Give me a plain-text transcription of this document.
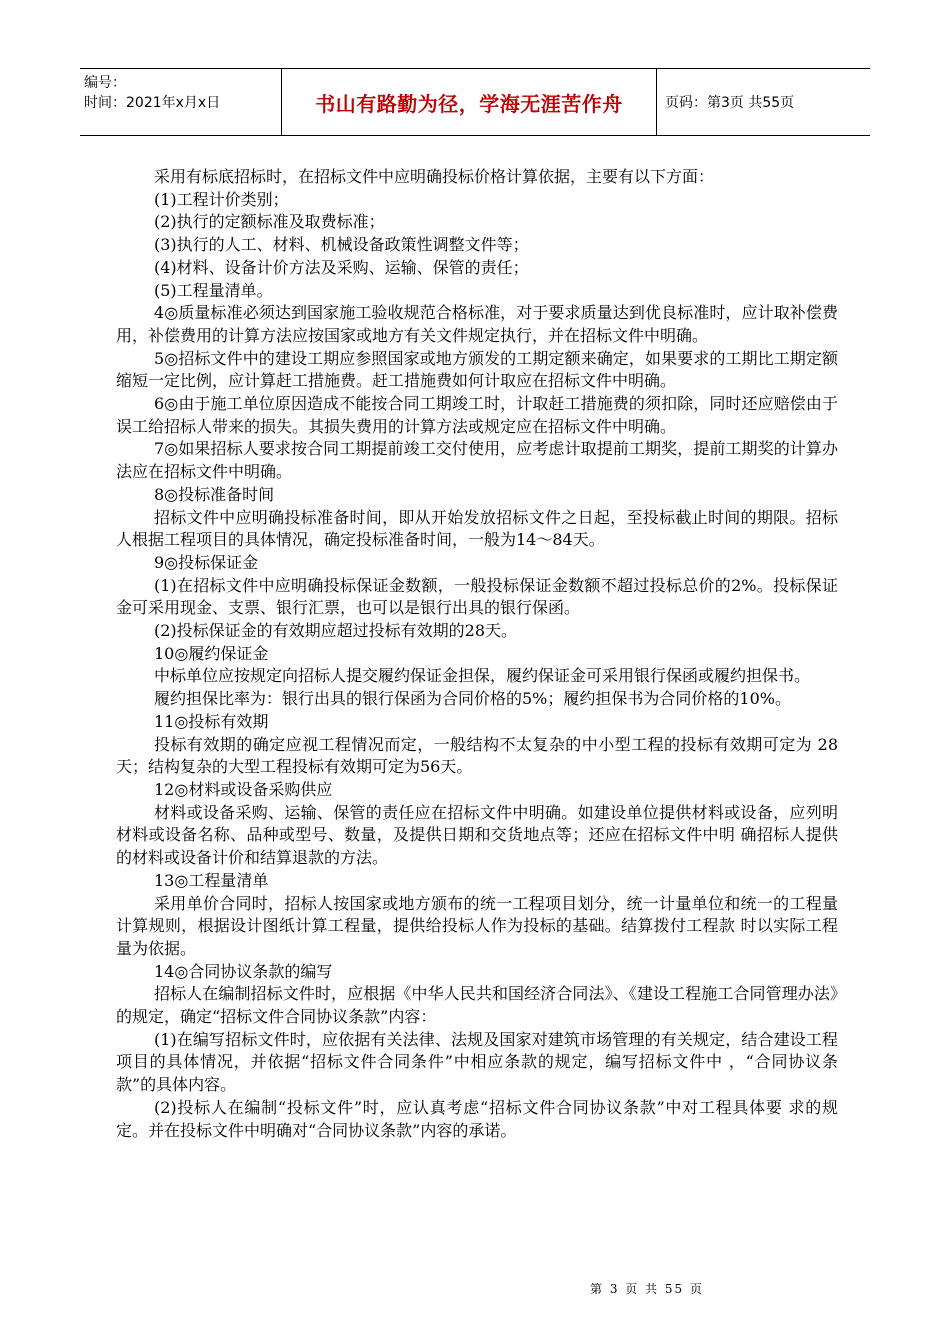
编号：
时间：2021年x月x日	书山有路勤为径，学海无涯苦作舟	页码：第3页 共55页

采用有标底招标时，在招标文件中应明确投标价格计算依据，主要有以下方面：

(1)工程计价类别；

(2)执行的定额标准及取费标准；

(3)执行的人工、材料、机械设备政策性调整文件等；

(4)材料、设备计价方法及采购、运输、保管的责任；

(5)工程量清单。

4◎质量标准必须达到国家施工验收规范合格标准，对于要求质量达到优良标准时，应计取补偿费用，补偿费用的计算方法应按国家或地方有关文件规定执行，并在招标文件中明确。

5◎招标文件中的建设工期应参照国家或地方颁发的工期定额来确定，如果要求的工期比工期定额缩短一定比例，应计算赶工措施费。赶工措施费如何计取应在招标文件中明确。

6◎由于施工单位原因造成不能按合同工期竣工时，计取赶工措施费的须扣除，同时还应赔偿由于误工给招标人带来的损失。其损失费用的计算方法或规定应在招标文件中明确。

7◎如果招标人要求按合同工期提前竣工交付使用，应考虑计取提前工期奖，提前工期奖的计算办法应在招标文件中明确。

8◎投标准备时间

招标文件中应明确投标准备时间，即从开始发放招标文件之日起，至投标截止时间的期限。招标人根据工程项目的具体情况，确定投标准备时间，一般为14～84天。

9◎投标保证金

(1)在招标文件中应明确投标保证金数额，一般投标保证金数额不超过投标总价的2%。投标保证金可采用现金、支票、银行汇票，也可以是银行出具的银行保函。

(2)投标保证金的有效期应超过投标有效期的28天。

10◎履约保证金

中标单位应按规定向招标人提交履约保证金担保，履约保证金可采用银行保函或履约担保书。

履约担保比率为：银行出具的银行保函为合同价格的5%；履约担保书为合同价格的10%。

11◎投标有效期

投标有效期的确定应视工程情况而定，一般结构不太复杂的中小型工程的投标有效期可定为 28天；结构复杂的大型工程投标有效期可定为56天。

12◎材料或设备采购供应

材料或设备采购、运输、保管的责任应在招标文件中明确。如建设单位提供材料或设备，应列明材料或设备名称、品种或型号、数量，及提供日期和交货地点等；还应在招标文件中明 确招标人提供的材料或设备计价和结算退款的方法。

13◎工程量清单

采用单价合同时，招标人按国家或地方颁布的统一工程项目划分，统一计量单位和统一的工程量计算规则，根据设计图纸计算工程量，提供给投标人作为投标的基础。结算拨付工程款 时以实际工程量为依据。

14◎合同协议条款的编写

招标人在编制招标文件时，应根据《中华人民共和国经济合同法》、《建设工程施工合同管理办法》的规定，确定“招标文件合同协议条款”内容：

(1)在编写招标文件时，应依据有关法律、法规及国家对建筑市场管理的有关规定，结合建设工程项目的具体情况，并依据“招标文件合同条件”中相应条款的规定，编写招标文件中 ，“合同协议条款”的具体内容。

(2)投标人在编制“投标文件”时，应认真考虑“招标文件合同协议条款”中对工程具体要 求的规定。并在投标文件中明确对“合同协议条款”内容的承诺。

第 3 页 共 55 页
